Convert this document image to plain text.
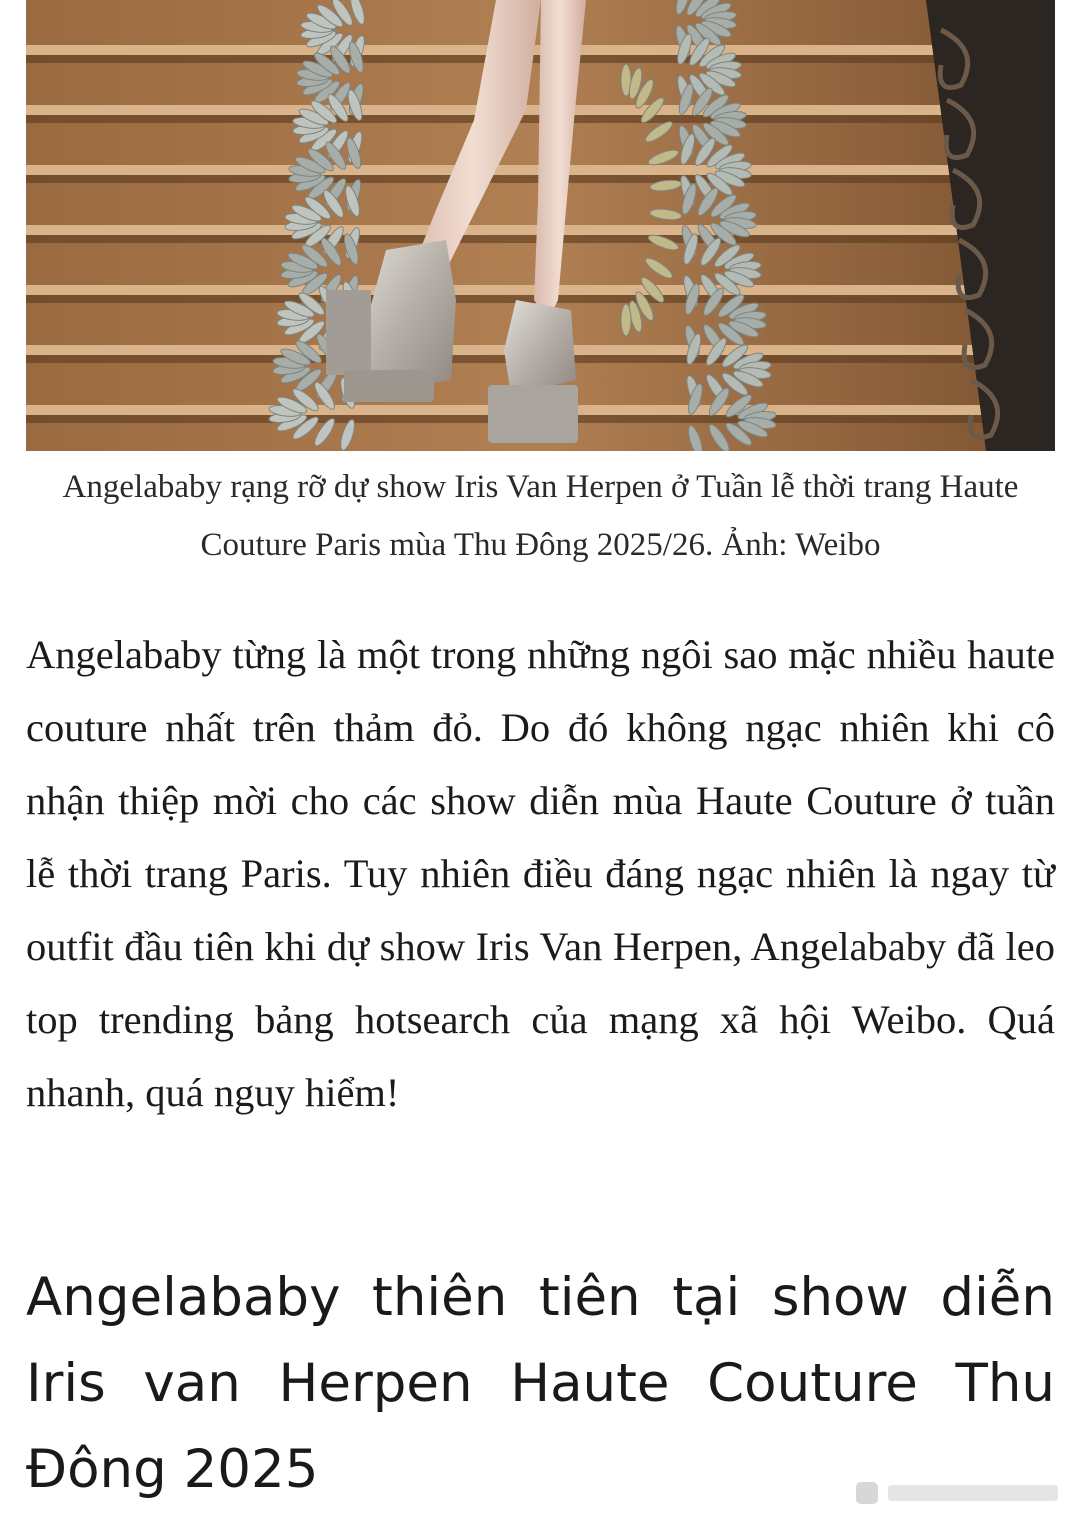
Angelababy rạng rỡ dự show Iris Van Herpen ở Tuần lễ thời trang Haute Couture Paris mùa Thu Đông 2025/26. Ảnh: Weibo

Angelababy từng là một trong những ngôi sao mặc nhiều haute couture nhất trên thảm đỏ. Do đó không ngạc nhiên khi cô nhận thiệp mời cho các show diễn mùa Haute Couture ở tuần lễ thời trang Paris. Tuy nhiên điều đáng ngạc nhiên là ngay từ outfit đầu tiên khi dự show Iris Van Herpen, Angelababy đã leo top trending bảng hotsearch của mạng xã hội Weibo. Quá nhanh, quá nguy hiểm!

Angelababy thiên tiên tại show diễn Iris van Herpen Haute Couture Thu Đông 2025
